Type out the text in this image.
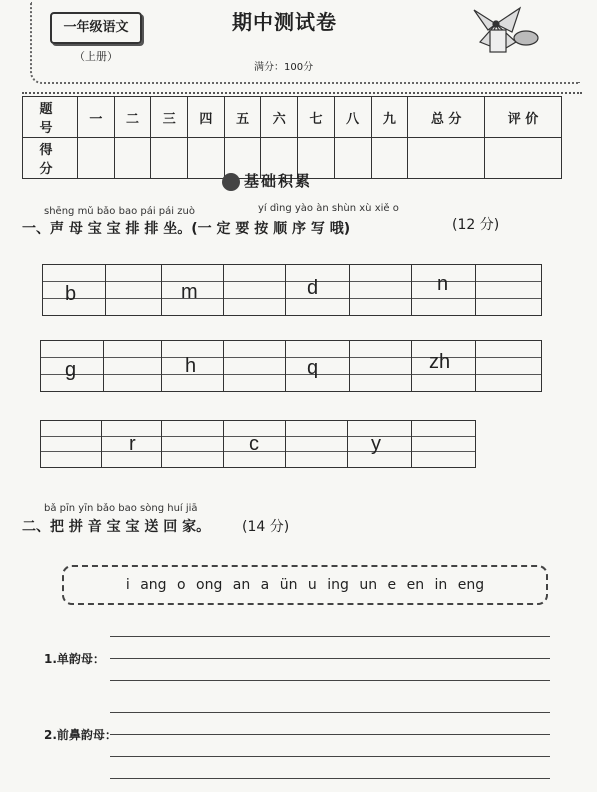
一年级语文
（上册）
期中测试卷
满分：100分
题 号	一	二	三	四	五	六	七	八	九	总 分	评 价
得 分											
基础积累
shēng mǔ bǎo bao pái pái zuò	yí dìng yào àn shùn xù xiě o
一、声 母 宝 宝 排 排 坐。(一 定 要 按 顺 序 写 哦)	(12 分)
b	m	d	n
g	h	q	zh
r	c	y
bǎ pīn yīn bǎo bao sòng huí jiā
二、把 拼 音 宝 宝 送 回 家。 (14 分)
i ang o ong an a ün u ing un e en in eng
1.单韵母：
2.前鼻韵母：
